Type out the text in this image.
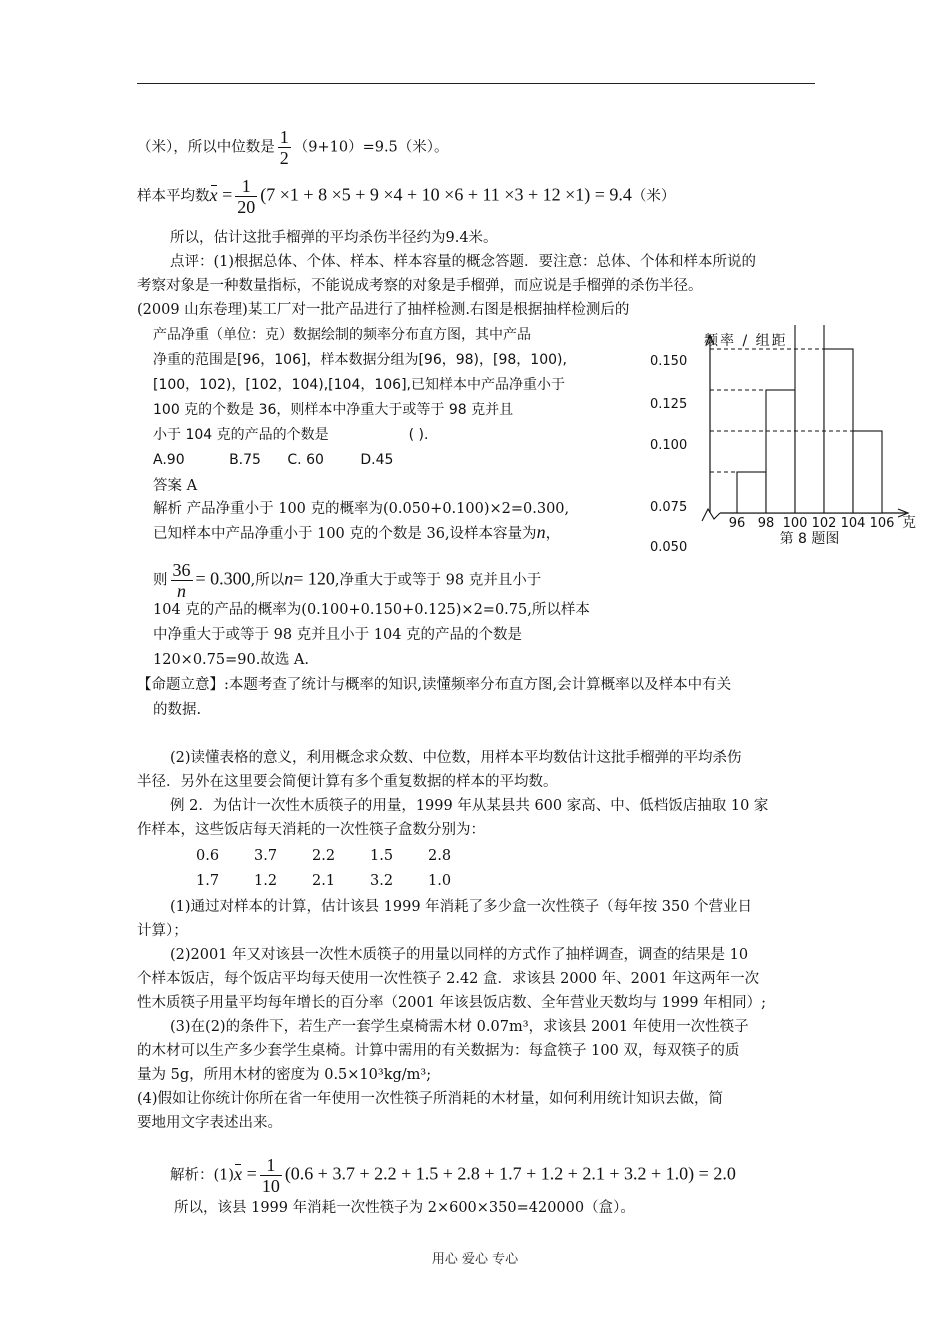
（米），所以中位数是 $\frac{1}{2} (9+10)=9.5$（米）。
样本平均数$x = \frac{1}{20} (7 \times 1 + 8 \times 5 + 9 \times 4 + 10 \times 6 + 11 \times 3 + 12 \times 1) = 9.4$（米）
所以，估计这批手榴弹的平均杀伤半径约为9.4米。
点评：(1)根据总体、个体、样本、样本容量的概念答题．要注意：总体、个体和样本所说的
考察对象是一种数量指标，不能说成考察的对象是手榴弹，而应说是手榴弹的杀伤半径。
(2009 山东卷理)某工厂对一批产品进行了抽样检测.右图是根据抽样检测后的
产品净重（单位：克）数据绘制的频率分布直方图，其中产品
净重的范围是[96，106]，样本数据分组为[96，98)，[98，100),
[100，102)，[102，104),[104，106],已知样本中产品净重小于
100 克的个数是 36，则样本中净重大于或等于 98 克并且
小于 104 克的产品的个数是	( ).
A.90	B.75 C. 60	D.45
答案 A
解析 产品净重小于 100 克的概率为(0.050+0.100)×2=0.300,
已知样本中产品净重小于 100 克的个数是 36,设样本容量为n，
则 $\frac{36}{n} = 0.300$,所以n= 120,净重大于或等于 98 克并且小于
104 克的产品的概率为(0.100+0.150+0.125)×2=0.75,所以样本
中净重大于或等于 98 克并且小于 104 克的产品的个数是
120×0.75=90.故选 A.
【命题立意】:本题考查了统计与概率的知识,读懂频率分布直方图,会计算概率以及样本中有关
的数据.
(2)读懂表格的意义，利用概念求众数、中位数，用样本平均数估计这批手榴弹的平均杀伤
半径．另外在这里要会简便计算有多个重复数据的样本的平均数。
例 2．为估计一次性木质筷子的用量，1999 年从某县共 600 家高、中、低档饭店抽取 10 家
作样本，这些饭店每天消耗的一次性筷子盒数分别为：
0.6 3.7 2.2 1.5 2.8
1.7 1.2 2.1 3.2 1.0
(1)通过对样本的计算，估计该县 1999 年消耗了多少盒一次性筷子（每年按 350 个营业日
计算）；
(2)2001 年又对该县一次性木质筷子的用量以同样的方式作了抽样调查，调查的结果是 10
个样本饭店，每个饭店平均每天使用一次性筷子 2.42 盒．求该县 2000 年、2001 年这两年一次
性木质筷子用量平均每年增长的百分率（2001 年该县饭店数、全年营业天数均与 1999 年相同）;
(3)在(2)的条件下，若生产一套学生桌椅需木材 0.07m³，求该县 2001 年使用一次性筷子
的木材可以生产多少套学生桌椅。计算中需用的有关数据为：每盒筷子 100 双，每双筷子的质
量为 5g，所用木材的密度为 0.5×10³kg/m³;
(4)假如让你统计你所在省一年使用一次性筷子所消耗的木材量，如何利用统计知识去做，简
要地用文字表述出来。
解析：$(1)x = \frac{1}{10} (0.6 + 3.7 + 2.2 + 1.5 + 2.8 + 1.7 + 1.2 + 2.1 + 3.2 + 1.0) = 2.0$
所以，该县 1999 年消耗一次性筷子为 2×600×350=420000（盒）。
0.150
0.125
0.100
0.075
0.050
96 98 100 102 104 106 克
频率 / 组距
第 8 题图
用心 爱心 专心
